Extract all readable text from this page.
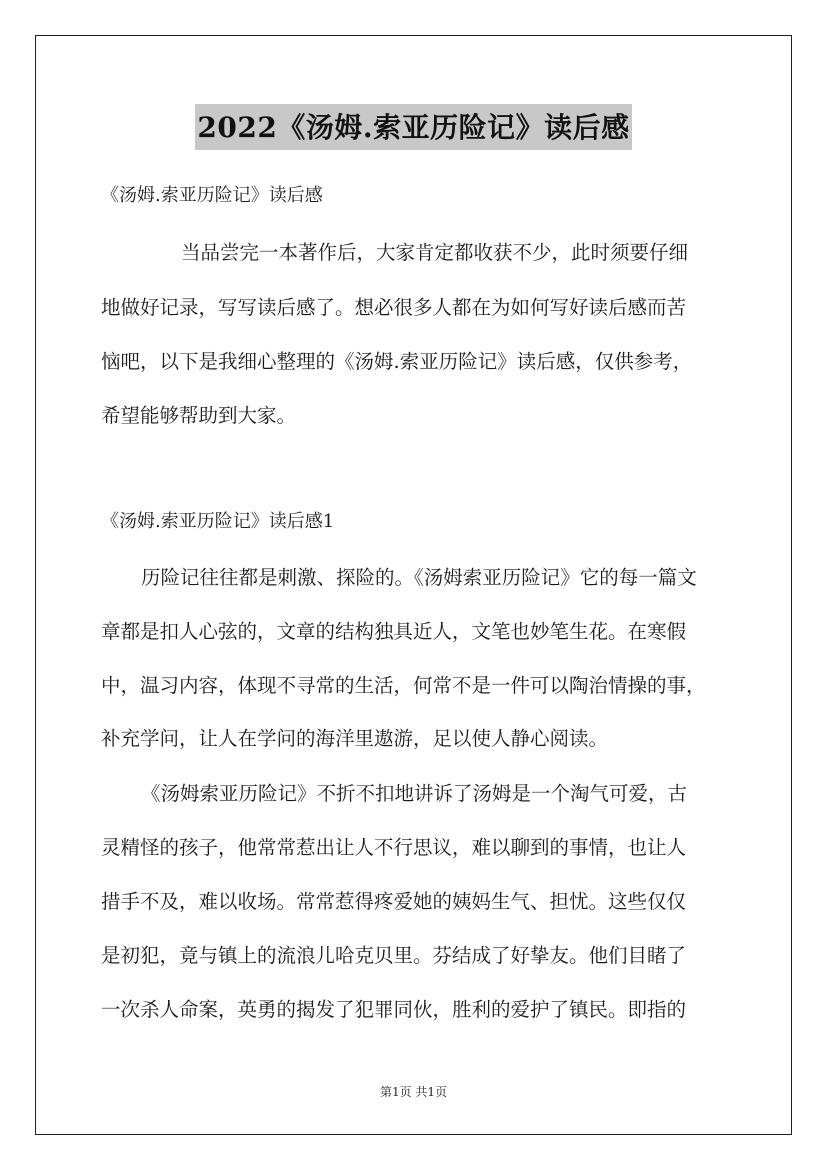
2022《汤姆.索亚历险记》读后感
《汤姆.索亚历险记》读后感
当品尝完一本著作后，大家肯定都收获不少，此时须要仔细
地做好记录，写写读后感了。想必很多人都在为如何写好读后感而苦
恼吧，以下是我细心整理的《汤姆.索亚历险记》读后感，仅供参考，
希望能够帮助到大家。
《汤姆.索亚历险记》读后感1
历险记往往都是刺激、探险的。《汤姆索亚历险记》它的每一篇文
章都是扣人心弦的，文章的结构独具近人，文笔也妙笔生花。在寒假
中，温习内容，体现不寻常的生活，何常不是一件可以陶治情操的事，
补充学问，让人在学问的海洋里遨游，足以使人静心阅读。
《汤姆索亚历险记》不折不扣地讲诉了汤姆是一个淘气可爱，古
灵精怪的孩子，他常常惹出让人不行思议，难以聊到的事情，也让人
措手不及，难以收场。常常惹得疼爱她的姨妈生气、担忧。这些仅仅
是初犯，竟与镇上的流浪儿哈克贝里。芬结成了好挚友。他们目睹了
一次杀人命案，英勇的揭发了犯罪同伙，胜利的爱护了镇民。即指的
第1页 共1页
